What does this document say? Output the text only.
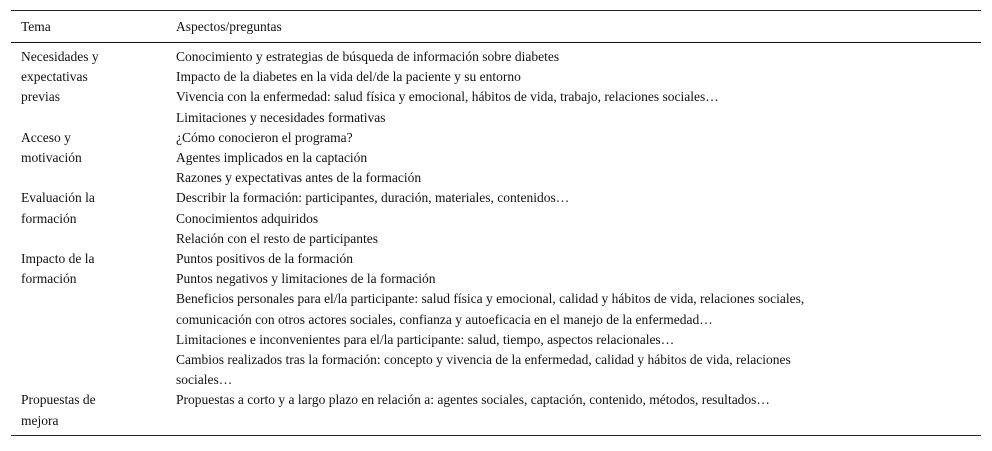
Tema	Aspectos/preguntas
Necesidades y
expectativas
previas
Conocimiento y estrategias de búsqueda de información sobre diabetes
Impacto de la diabetes en la vida del/de la paciente y su entorno
Vivencia con la enfermedad: salud física y emocional, hábitos de vida, trabajo, relaciones sociales…
Limitaciones y necesidades formativas
Acceso y
motivación
¿Cómo conocieron el programa?
Agentes implicados en la captación
Razones y expectativas antes de la formación
Evaluación la
formación
Describir la formación: participantes, duración, materiales, contenidos…
Conocimientos adquiridos
Relación con el resto de participantes
Impacto de la
formación
Puntos positivos de la formación
Puntos negativos y limitaciones de la formación
Beneficios personales para el/la participante: salud física y emocional, calidad y hábitos de vida, relaciones sociales,
comunicación con otros actores sociales, confianza y autoeficacia en el manejo de la enfermedad…
Limitaciones e inconvenientes para el/la participante: salud, tiempo, aspectos relacionales…
Cambios realizados tras la formación: concepto y vivencia de la enfermedad, calidad y hábitos de vida, relaciones
sociales…
Propuestas de
mejora
Propuestas a corto y a largo plazo en relación a: agentes sociales, captación, contenido, métodos, resultados…
